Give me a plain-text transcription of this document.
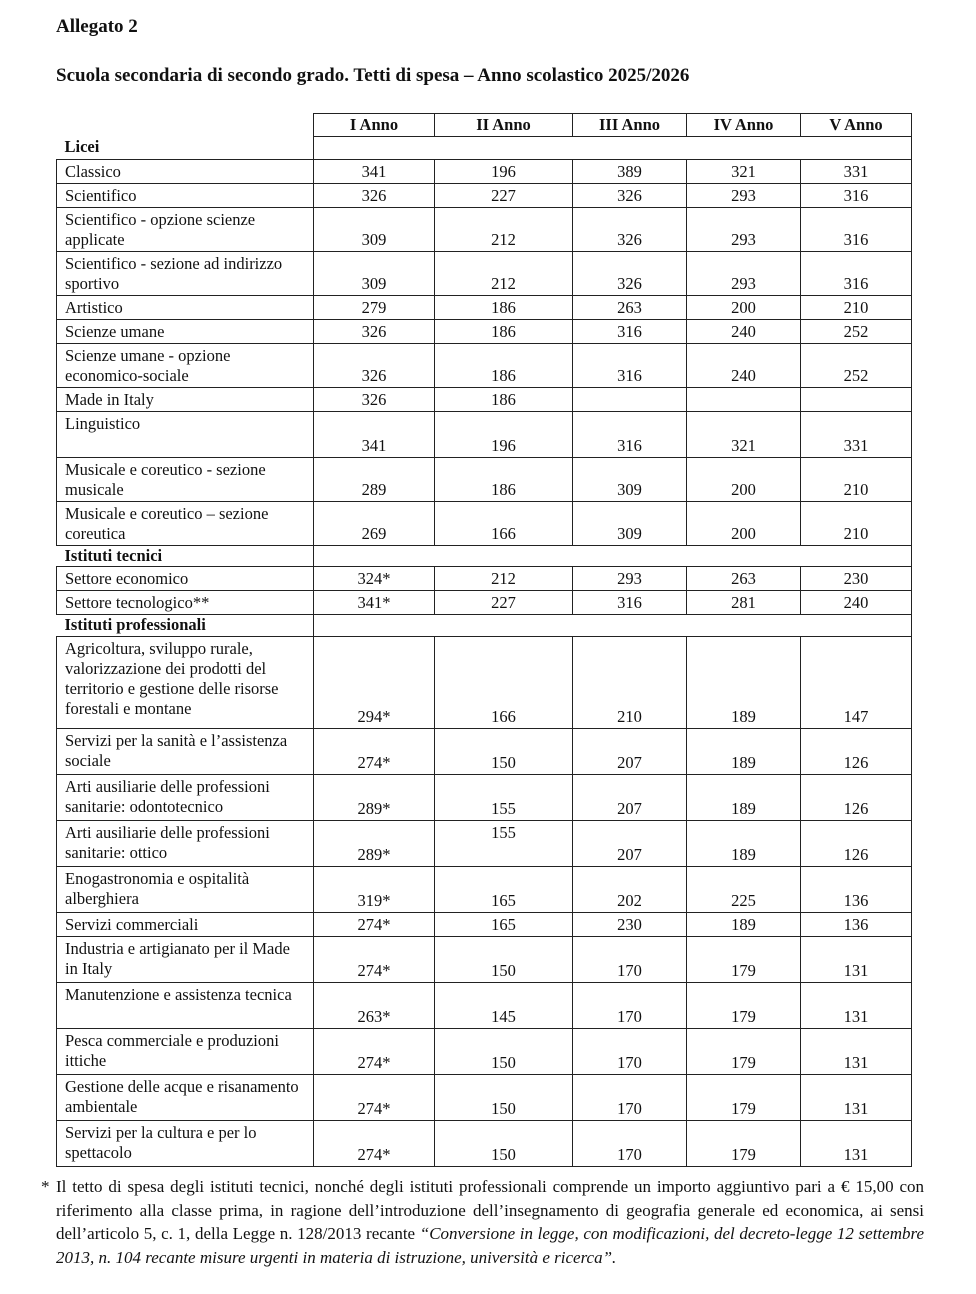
Allegato 2
Scuola secondaria di secondo grado. Tetti di spesa – Anno scolastico 2025/2026
	I Anno	II Anno	III Anno	IV Anno	V Anno
Licei					
Classico	341	196	389	321	331
Scientifico	326	227	326	293	316
Scientifico - opzione scienze applicate	309	212	326	293	316
Scientifico - sezione ad indirizzo sportivo	309	212	326	293	316
Artistico	279	186	263	200	210
Scienze umane	326	186	316	240	252
Scienze umane - opzione economico-sociale	326	186	316	240	252
Made in Italy	326	186			
Linguistico	341	196	316	321	331
Musicale e coreutico - sezione musicale	289	186	309	200	210
Musicale e coreutico – sezione coreutica	269	166	309	200	210
Istituti tecnici					
Settore economico	324*	212	293	263	230
Settore tecnologico**	341*	227	316	281	240
Istituti professionali					
Agricoltura, sviluppo rurale, valorizzazione dei prodotti del territorio e gestione delle risorse forestali e montane	294*	166	210	189	147
Servizi per la sanità e l’assistenza sociale	274*	150	207	189	126
Arti ausiliarie delle professioni sanitarie: odontotecnico	289*	155	207	189	126
Arti ausiliarie delle professioni sanitarie: ottico	289*	155	207	189	126
Enogastronomia e ospitalità alberghiera	319*	165	202	225	136
Servizi commerciali	274*	165	230	189	136
Industria e artigianato per il Made in Italy	274*	150	170	179	131
Manutenzione e assistenza tecnica	263*	145	170	179	131
Pesca commerciale e produzioni ittiche	274*	150	170	179	131
Gestione delle acque e risanamento ambientale	274*	150	170	179	131
Servizi per la cultura e per lo spettacolo	274*	150	170	179	131
* Il tetto di spesa degli istituti tecnici, nonché degli istituti professionali comprende un importo aggiuntivo pari a € 15,00 con riferimento alla classe prima, in ragione dell’introduzione dell’insegnamento di geografia generale ed economica, ai sensi dell’articolo 5, c. 1, della Legge n. 128/2013 recante “Conversione in legge, con modificazioni, del decreto-legge 12 settembre 2013, n. 104 recante misure urgenti in materia di istruzione, università e ricerca”.
